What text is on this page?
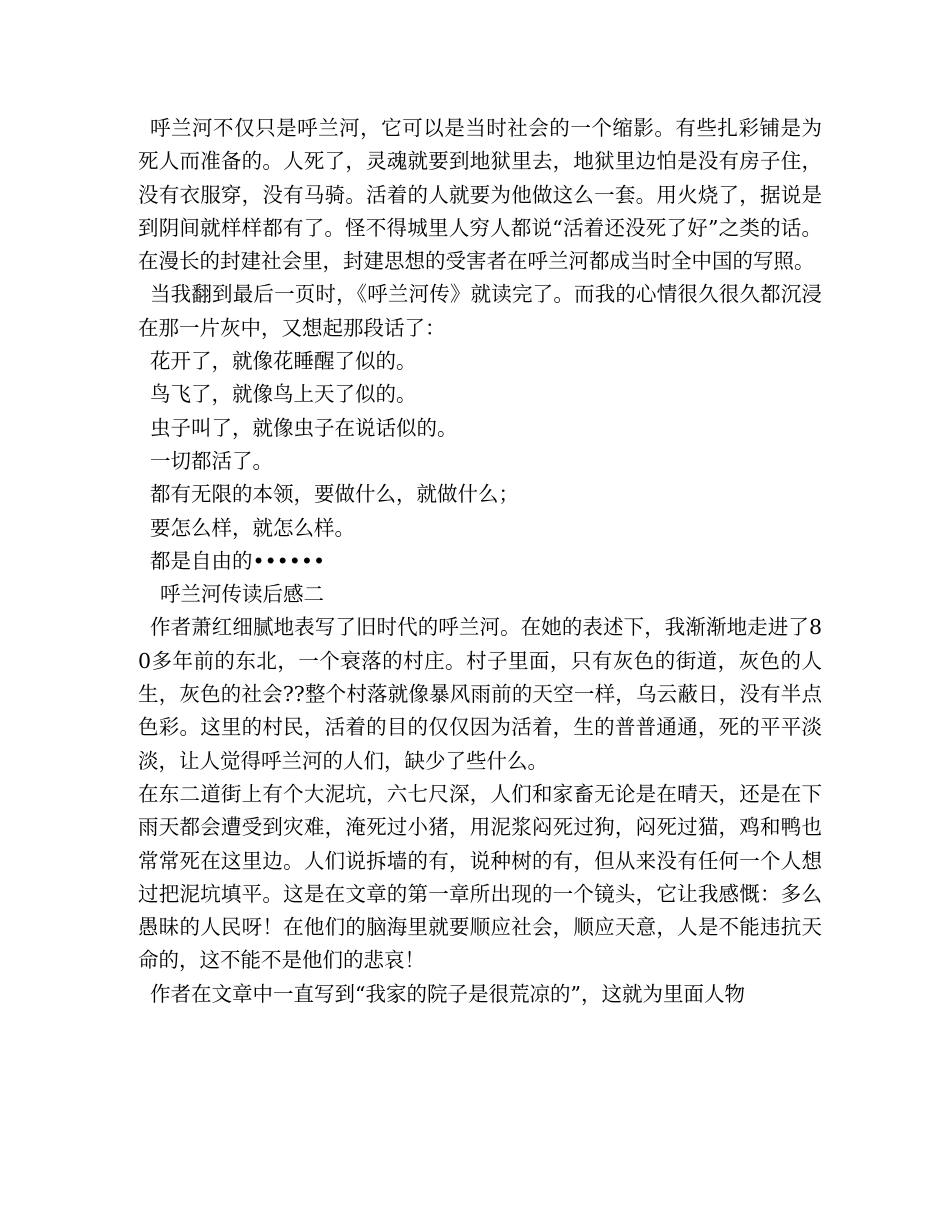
呼兰河不仅只是呼兰河，它可以是当时社会的一个缩影。有些扎彩铺是为死人而准备的。人死了，灵魂就要到地狱里去，地狱里边怕是没有房子住，没有衣服穿，没有马骑。活着的人就要为他做这么一套。用火烧了，据说是到阴间就样样都有了。怪不得城里人穷人都说“活着还没死了好”之类的话。在漫长的封建社会里，封建思想的受害者在呼兰河都成当时全中国的写照。

当我翻到最后一页时，《呼兰河传》就读完了。而我的心情很久很久都沉浸在那一片灰中，又想起那段话了：

花开了，就像花睡醒了似的。

鸟飞了，就像鸟上天了似的。

虫子叫了，就像虫子在说话似的。

一切都活了。

都有无限的本领，要做什么，就做什么；

要怎么样，就怎么样。

都是自由的••••••

呼兰河传读后感二

作者萧红细腻地表写了旧时代的呼兰河。在她的表述下，我渐渐地走进了80多年前的东北，一个衰落的村庄。村子里面，只有灰色的街道，灰色的人生，灰色的社会??整个村落就像暴风雨前的天空一样，乌云蔽日，没有半点色彩。这里的村民，活着的目的仅仅因为活着，生的普普通通，死的平平淡淡，让人觉得呼兰河的人们，缺少了些什么。

在东二道街上有个大泥坑，六七尺深，人们和家畜无论是在晴天，还是在下雨天都会遭受到灾难，淹死过小猪，用泥浆闷死过狗，闷死过猫，鸡和鸭也常常死在这里边。人们说拆墙的有，说种树的有，但从来没有任何一个人想过把泥坑填平。这是在文章的第一章所出现的一个镜头，它让我感慨：多么愚昧的人民呀！在他们的脑海里就要顺应社会，顺应天意，人是不能违抗天命的，这不能不是他们的悲哀！

作者在文章中一直写到“我家的院子是很荒凉的”，这就为里面人物
